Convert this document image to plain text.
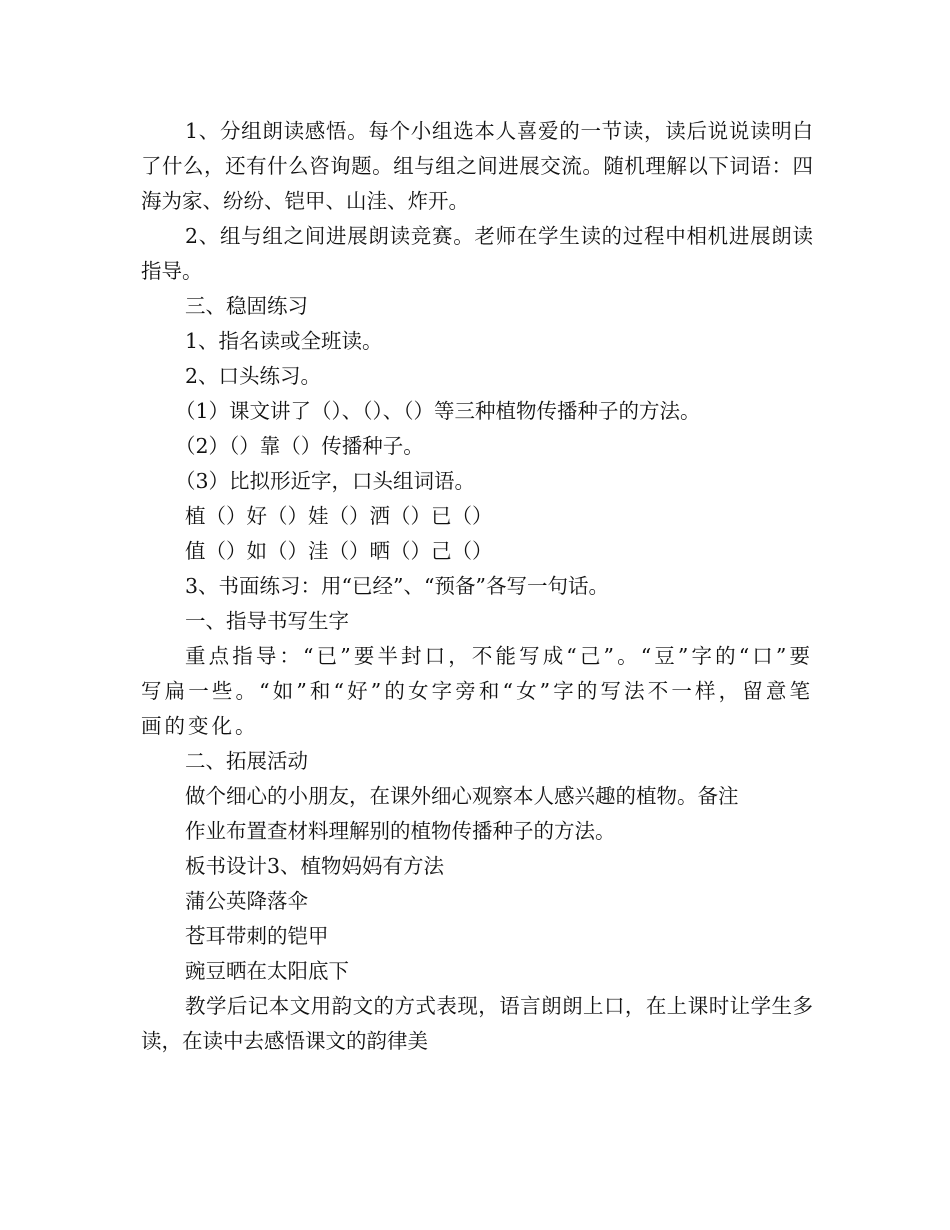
1、分组朗读感悟。每个小组选本人喜爱的一节读，读后说说读明白了什么，还有什么咨询题。组与组之间进展交流。随机理解以下词语：四海为家、纷纷、铠甲、山洼、炸开。

2、组与组之间进展朗读竞赛。老师在学生读的过程中相机进展朗读指导。

三、稳固练习

1、指名读或全班读。

2、口头练习。

（1）课文讲了（）、（）、（）等三种植物传播种子的方法。

（2）（）靠（）传播种子。

（3）比拟形近字，口头组词语。

植（）好（）娃（）洒（）已（）

值（）如（）洼（）晒（）己（）

3、书面练习：用“已经”、“预备”各写一句话。

一、指导书写生字

重点指导：“已”要半封口，不能写成“己”。“豆”字的“口”要写扁一些。“如”和“好”的女字旁和“女”字的写法不一样，留意笔画的变化。

二、拓展活动

做个细心的小朋友，在课外细心观察本人感兴趣的植物。备注

作业布置查材料理解别的植物传播种子的方法。

板书设计3、植物妈妈有方法

蒲公英降落伞

苍耳带刺的铠甲

豌豆晒在太阳底下

教学后记本文用韵文的方式表现，语言朗朗上口，在上课时让学生多读，在读中去感悟课文的韵律美
